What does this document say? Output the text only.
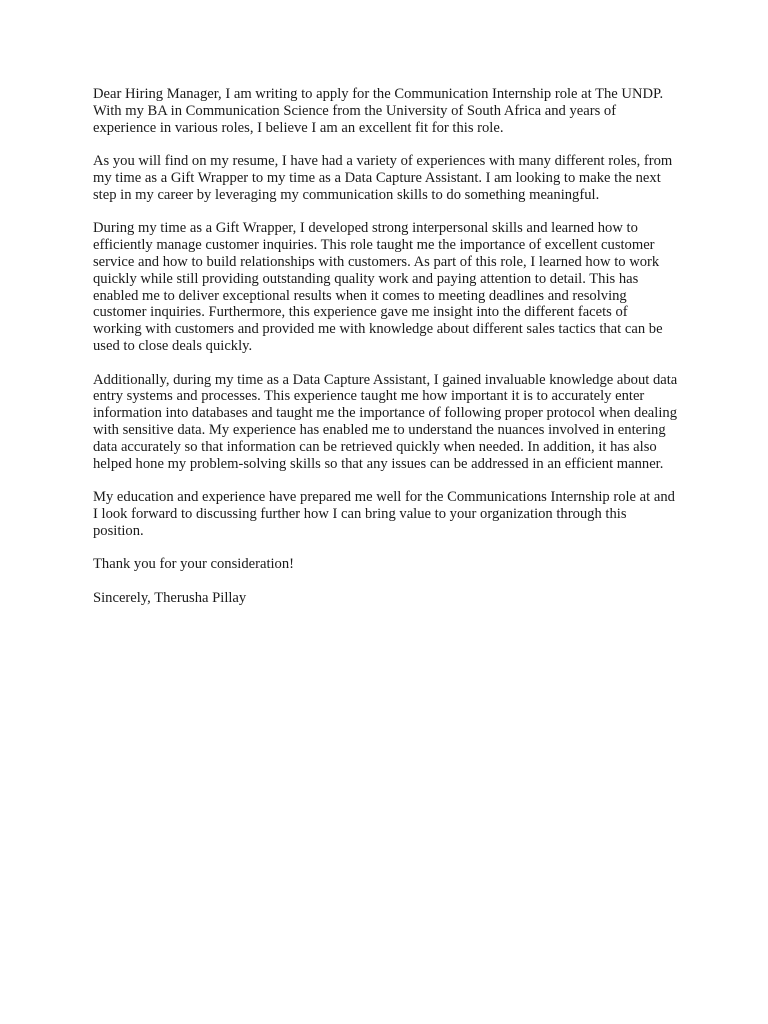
Dear Hiring Manager, I am writing to apply for the Communication Internship role at The UNDP. With my BA in Communication Science from the University of South Africa and years of experience in various roles, I believe I am an excellent fit for this role.

As you will find on my resume, I have had a variety of experiences with many different roles, from my time as a Gift Wrapper to my time as a Data Capture Assistant. I am looking to make the next step in my career by leveraging my communication skills to do something meaningful.

During my time as a Gift Wrapper, I developed strong interpersonal skills and learned how to efficiently manage customer inquiries. This role taught me the importance of excellent customer service and how to build relationships with customers. As part of this role, I learned how to work quickly while still providing outstanding quality work and paying attention to detail. This has enabled me to deliver exceptional results when it comes to meeting deadlines and resolving customer inquiries. Furthermore, this experience gave me insight into the different facets of working with customers and provided me with knowledge about different sales tactics that can be used to close deals quickly.

Additionally, during my time as a Data Capture Assistant, I gained invaluable knowledge about data entry systems and processes. This experience taught me how important it is to accurately enter information into databases and taught me the importance of following proper protocol when dealing with sensitive data. My experience has enabled me to understand the nuances involved in entering data accurately so that information can be retrieved quickly when needed. In addition, it has also helped hone my problem-solving skills so that any issues can be addressed in an efficient manner.

My education and experience have prepared me well for the Communications Internship role at and I look forward to discussing further how I can bring value to your organization through this position.

Thank you for your consideration!

Sincerely, Therusha Pillay
